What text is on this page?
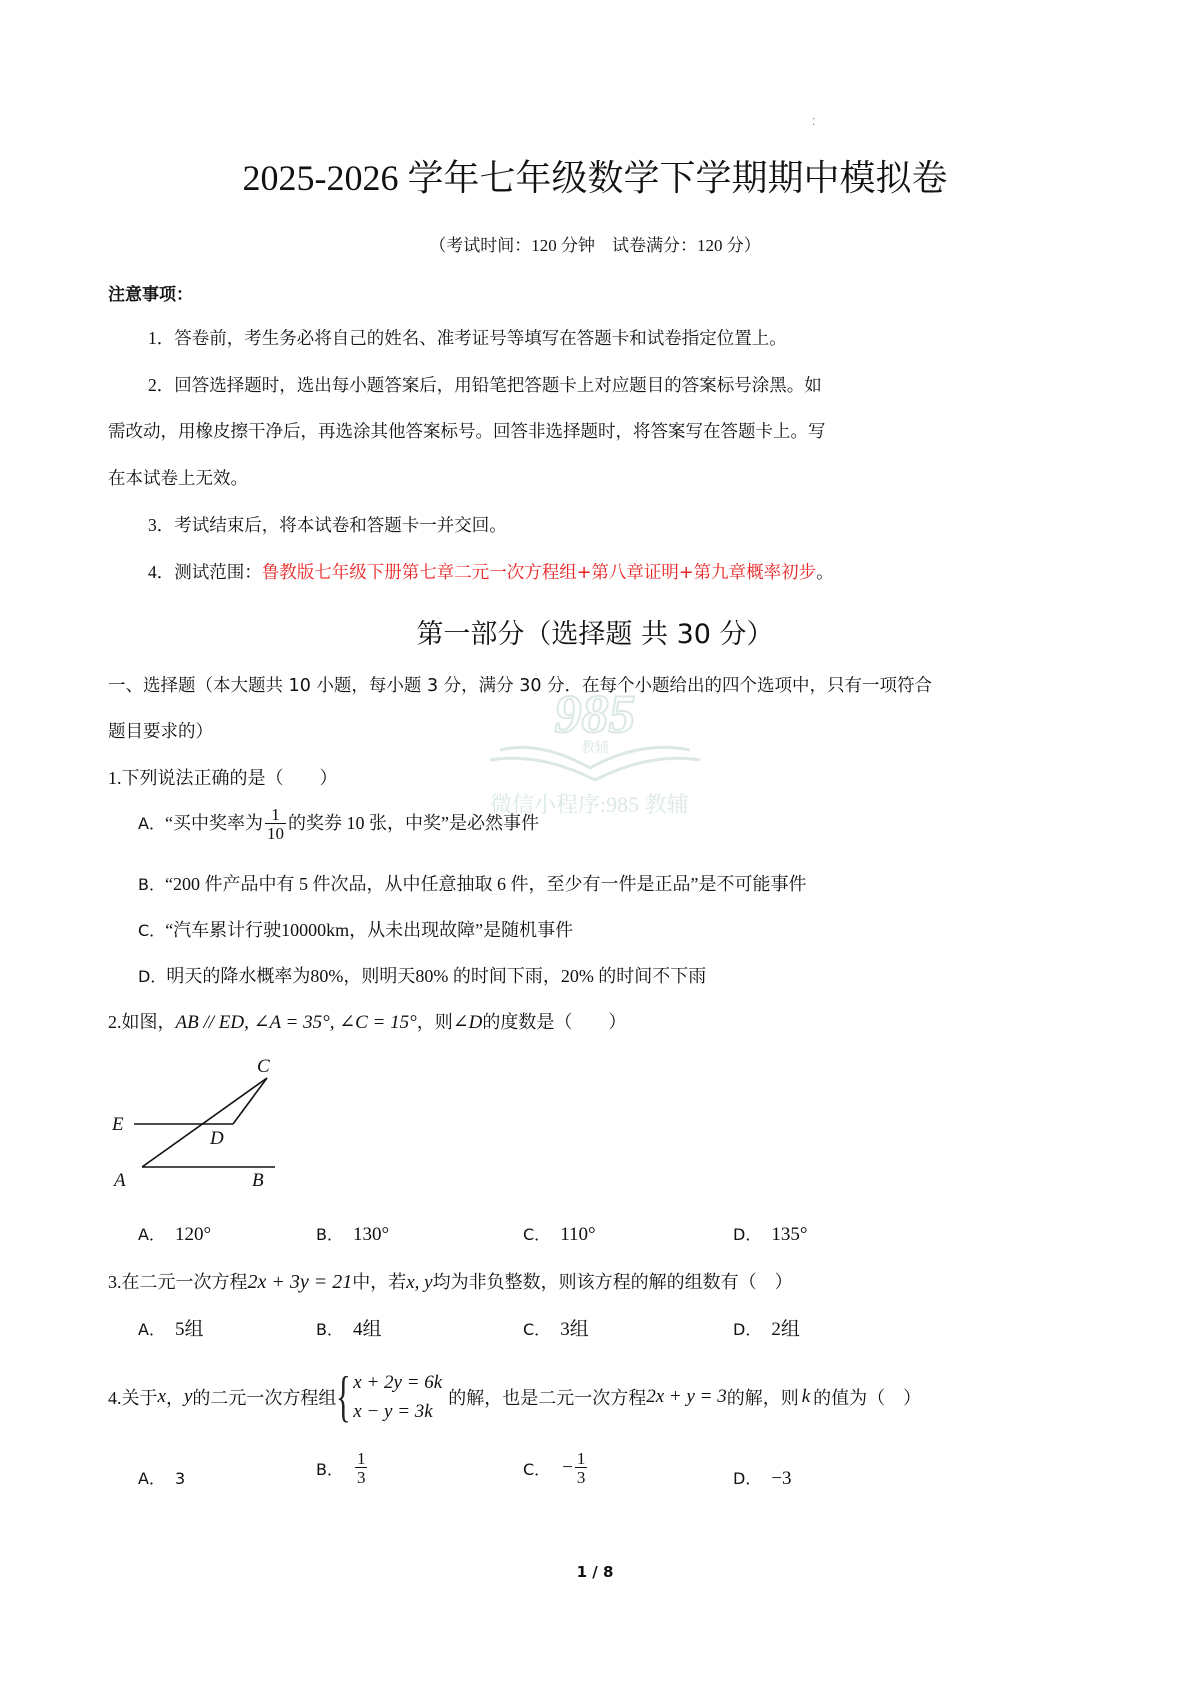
⁚
2025-2026 学年七年级数学下学期期中模拟卷
（考试时间：120 分钟　试卷满分：120 分）
注意事项：
1．答卷前，考生务必将自己的姓名、准考证号等填写在答题卡和试卷指定位置上。
2．回答选择题时，选出每小题答案后，用铅笔把答题卡上对应题目的答案标号涂黑。如
需改动，用橡皮擦干净后，再选涂其他答案标号。回答非选择题时，将答案写在答题卡上。写
在本试卷上无效。
3．考试结束后，将本试卷和答题卡一并交回。
4．测试范围：鲁教版七年级下册第七章二元一次方程组+第八章证明+第九章概率初步。
第一部分（选择题 共 30 分）
一、选择题（本大题共 10 小题，每小题 3 分，满分 30 分．在每个小题给出的四个选项中，只有一项符合
题目要求的）	985
教辅
微信小程序:985 教辅
1.下列说法正确的是（　　）
A．“买中奖率为 $\frac{1}{10}$ 的奖券 10 张，中奖”是必然事件
B．“200 件产品中有 5 件次品，从中任意抽取 6 件，至少有一件是正品”是不可能事件
C．“汽车累计行驶10000km，从未出现故障”是随机事件
D．明天的降水概率为80%，则明天80% 的时间下雨，20% 的时间不下雨
2.如图，AB // ED, ∠A = 35°, ∠C = 15°，则∠D的度数是（　　）
C
E
D
A	B
A． 120°	B． 130°	C． 110°	D． 135°
3.在二元一次方程2x + 3y = 21中，若x, y均为非负整数，则该方程的解的组数有（　）
A． 5组	B． 4组	C． 3组	D． 2组
4.关于 x ， y 的二元一次方程组 { x + 2y = 6k
x − y = 3k
的解，也是二元一次方程 2x + y = 3 的解，则 k 的值为（　）
A． 3	B． $\frac{1}{3}$	C． − $\frac{1}{3}$	D． −3
1 / 8
